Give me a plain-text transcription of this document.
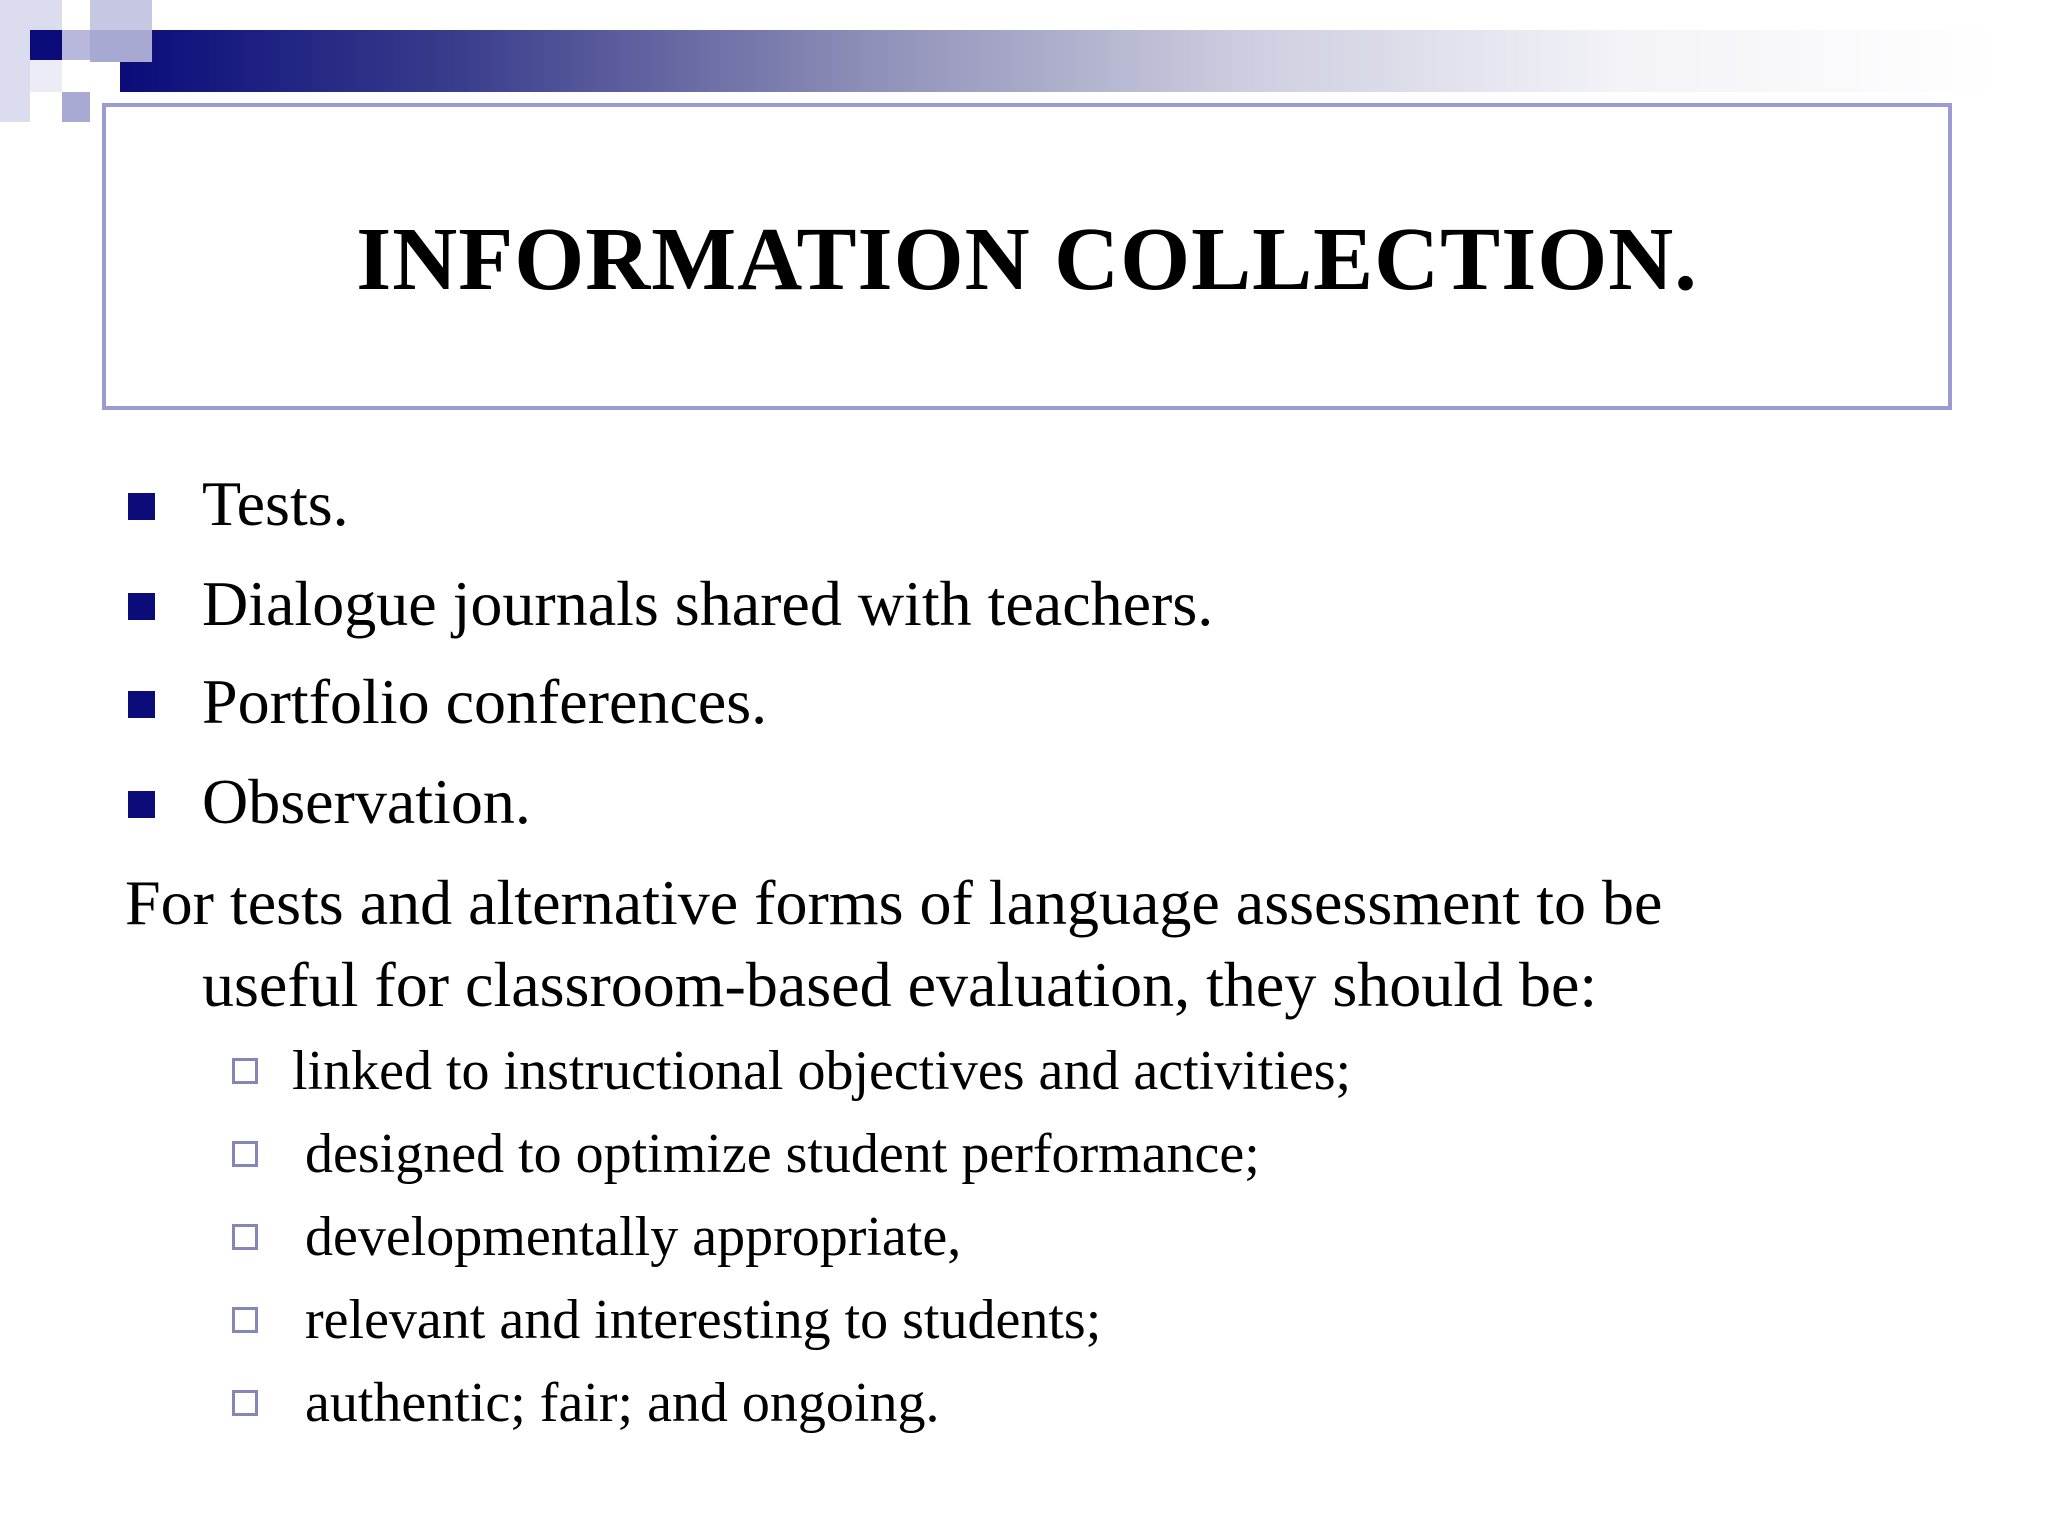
INFORMATION COLLECTION.
Tests.
Dialogue journals shared with teachers.
Portfolio conferences.
Observation.
For tests and alternative forms of language assessment to be
useful for classroom-based evaluation, they should be:
linked to instructional objectives and activities;
designed to optimize student performance;
developmentally appropriate,
relevant and interesting to students;
authentic; fair; and ongoing.
